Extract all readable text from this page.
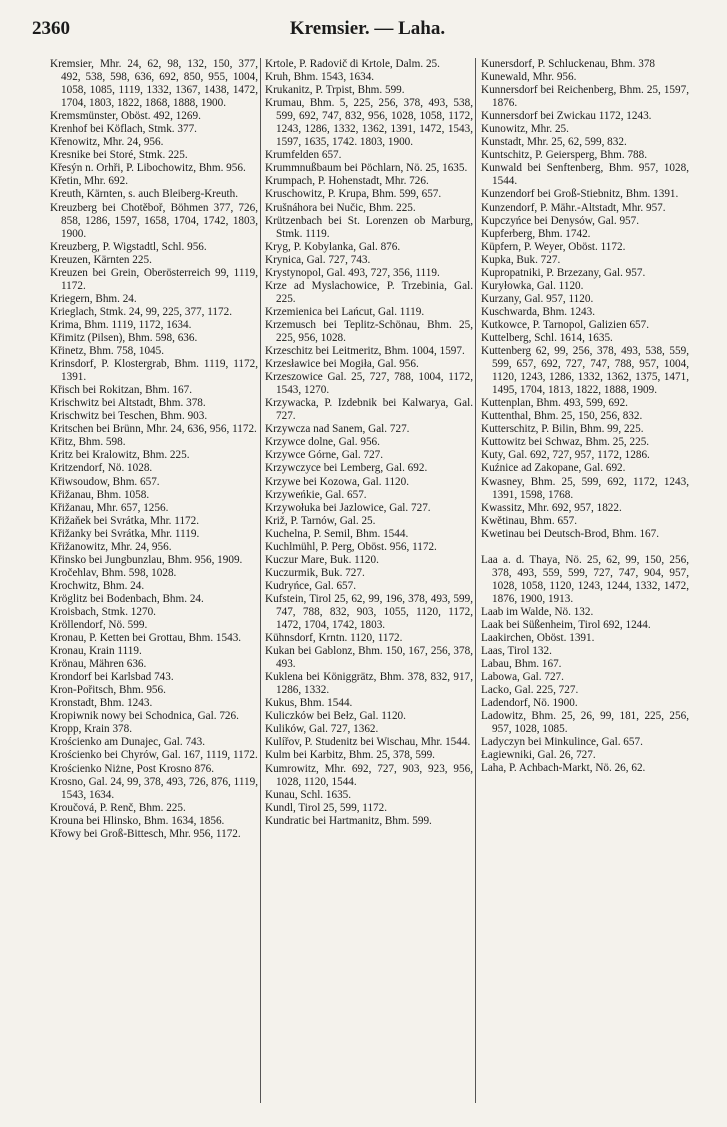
2360	Kremsier. — Laha.
Kremsier, Mhr. 24, 62, 98, 132, 150, 377, 492, 538, 598, 636, 692, 850, 955, 1004, 1058, 1085, 1119, 1332, 1367, 1438, 1472, 1704, 1803, 1822, 1868, 1888, 1900.
Kremsmünster, Oböst. 492, 1269.
Krenhof bei Köflach, Stmk. 377.
Křenowitz, Mhr. 24, 956.
Kresnike bei Storé, Stmk. 225.
Křesýn n. Orhři, P. Libochowitz, Bhm. 956.
Křetin, Mhr. 692.
Kreuth, Kärnten, s. auch Bleiberg-Kreuth.
Kreuzberg bei Chotěboř, Böhmen 377, 726, 858, 1286, 1597, 1658, 1704, 1742, 1803, 1900.
Kreuzberg, P. Wigstadtl, Schl. 956.
Kreuzen, Kärnten 225.
Kreuzen bei Grein, Oberösterreich 99, 1119, 1172.
Kriegern, Bhm. 24.
Krieglach, Stmk. 24, 99, 225, 377, 1172.
Krima, Bhm. 1119, 1172, 1634.
Křimitz (Pilsen), Bhm. 598, 636.
Křinetz, Bhm. 758, 1045.
Krinsdorf, P. Klostergrab, Bhm. 1119, 1172, 1391.
Křisch bei Rokitzan, Bhm. 167.
Krischwitz bei Altstadt, Bhm. 378.
Krischwitz bei Teschen, Bhm. 903.
Kritschen bei Brünn, Mhr. 24, 636, 956, 1172.
Křitz, Bhm. 598.
Kritz bei Kralowitz, Bhm. 225.
Kritzendorf, Nö. 1028.
Křiwsoudow, Bhm. 657.
Křižanau, Bhm. 1058.
Křižanau, Mhr. 657, 1256.
Křižaňek bei Svrátka, Mhr. 1172.
Křižanky bei Svrátka, Mhr. 1119.
Křižanowitz, Mhr. 24, 956.
Křinsko bei Jungbunzlau, Bhm. 956, 1909.
Kročehlav, Bhm. 598, 1028.
Krochwitz, Bhm. 24.
Kröglitz bei Bodenbach, Bhm. 24.
Kroisbach, Stmk. 1270.
Kröllendorf, Nö. 599.
Kronau, P. Ketten bei Grottau, Bhm. 1543.
Kronau, Krain 1119.
Krönau, Mähren 636.
Krondorf bei Karlsbad 743.
Kron-Pořitsch, Bhm. 956.
Kronstadt, Bhm. 1243.
Kropiwnik nowy bei Schodnica, Gal. 726.
Kropp, Krain 378.
Krościenko am Dunajec, Gal. 743.
Krościenko bei Chyrów, Gal. 167, 1119, 1172.
Krościenko Niżne, Post Krosno 876.
Krosno, Gal. 24, 99, 378, 493, 726, 876, 1119, 1543, 1634.
Kroučová, P. Renč, Bhm. 225.
Krouna bei Hlinsko, Bhm. 1634, 1856.
Křowy bei Groß-Bittesch, Mhr. 956, 1172.
Krtole, P. Radovič di Krtole, Dalm. 25.
Kruh, Bhm. 1543, 1634.
Krukanitz, P. Trpist, Bhm. 599.
Krumau, Bhm. 5, 225, 256, 378, 493, 538, 599, 692, 747, 832, 956, 1028, 1058, 1172, 1243, 1286, 1332, 1362, 1391, 1472, 1543, 1597, 1635, 1742. 1803, 1900.
Krumfelden 657.
Krummnußbaum bei Pöchlarn, Nö. 25, 1635.
Krumpach, P. Hohenstadt, Mhr. 726.
Kruschowitz, P. Krupa, Bhm. 599, 657.
Krušnáhora bei Nučic, Bhm. 225.
Krützenbach bei St. Lorenzen ob Marburg, Stmk. 1119.
Kryg, P. Kobylanka, Gal. 876.
Krynica, Gal. 727, 743.
Krystynopol, Gal. 493, 727, 356, 1119.
Krze ad Myslachowice, P. Trzebinia, Gal. 225.
Krzemienica bei Lańcut, Gal. 1119.
Krzemusch bei Teplitz-Schönau, Bhm. 25, 225, 956, 1028.
Krzeschitz bei Leitmeritz, Bhm. 1004, 1597.
Krzesławice bei Mogiła, Gal. 956.
Krzeszowice Gal. 25, 727, 788, 1004, 1172, 1543, 1270.
Krzywacka, P. Izdebnik bei Kalwarya, Gal. 727.
Krzywcza nad Sanem, Gal. 727.
Krzywce dolne, Gal. 956.
Krzywce Górne, Gal. 727.
Krzywczyce bei Lemberg, Gal. 692.
Krzywe bei Kozowa, Gal. 1120.
Krzyweńkie, Gal. 657.
Krzywołuka bei Jazlowice, Gal. 727.
Križ, P. Tarnów, Gal. 25.
Kuchelna, P. Semil, Bhm. 1544.
Kuchlmühl, P. Perg, Oböst. 956, 1172.
Kuczur Mare, Buk. 1120.
Kuczurmik, Buk. 727.
Kudryńce, Gal. 657.
Kufstein, Tirol 25, 62, 99, 196, 378, 493, 599, 747, 788, 832, 903, 1055, 1120, 1172, 1472, 1704, 1742, 1803.
Kühnsdorf, Krntn. 1120, 1172.
Kukan bei Gablonz, Bhm. 150, 167, 256, 378, 493.
Kuklena bei Königgrätz, Bhm. 378, 832, 917, 1286, 1332.
Kukus, Bhm. 1544.
Kuliczków bei Bełz, Gal. 1120.
Kulików, Gal. 727, 1362.
Kulířov, P. Studenitz bei Wischau, Mhr. 1544.
Kulm bei Karbitz, Bhm. 25, 378, 599.
Kumrowitz, Mhr. 692, 727, 903, 923, 956, 1028, 1120, 1544.
Kunau, Schl. 1635.
Kundl, Tirol 25, 599, 1172.
Kundratic bei Hartmanitz, Bhm. 599.
Kunersdorf, P. Schluckenau, Bhm. 378
Kunewald, Mhr. 956.
Kunnersdorf bei Reichenberg, Bhm. 25, 1597, 1876.
Kunnersdorf bei Zwickau 1172, 1243.
Kunowitz, Mhr. 25.
Kunstadt, Mhr. 25, 62, 599, 832.
Kuntschitz, P. Geiersperg, Bhm. 788.
Kunwald bei Senftenberg, Bhm. 957, 1028, 1544.
Kunzendorf bei Groß-Stiebnitz, Bhm. 1391.
Kunzendorf, P. Mähr.-Altstadt, Mhr. 957.
Kupczyńce bei Denysów, Gal. 957.
Kupferberg, Bhm. 1742.
Küpfern, P. Weyer, Oböst. 1172.
Kupka, Buk. 727.
Kupropatniki, P. Brzezany, Gal. 957.
Kuryłowka, Gal. 1120.
Kurzany, Gal. 957, 1120.
Kuschwarda, Bhm. 1243.
Kutkowce, P. Tarnopol, Galizien 657.
Kuttelberg, Schl. 1614, 1635.
Kuttenberg 62, 99, 256, 378, 493, 538, 559, 599, 657, 692, 727, 747, 788, 957, 1004, 1120, 1243, 1286, 1332, 1362, 1375, 1471, 1495, 1704, 1813, 1822, 1888, 1909.
Kuttenplan, Bhm. 493, 599, 692.
Kuttenthal, Bhm. 25, 150, 256, 832.
Kutterschitz, P. Bilin, Bhm. 99, 225.
Kuttowitz bei Schwaz, Bhm. 25, 225.
Kuty, Gal. 692, 727, 957, 1172, 1286.
Kuźnice ad Zakopane, Gal. 692.
Kwasney, Bhm. 25, 599, 692, 1172, 1243, 1391, 1598, 1768.
Kwassitz, Mhr. 692, 957, 1822.
Kwětinau, Bhm. 657.
Kwetinau bei Deutsch-Brod, Bhm. 167.
Laa a. d. Thaya, Nö. 25, 62, 99, 150, 256, 378, 493, 559, 599, 727, 747, 904, 957, 1028, 1058, 1120, 1243, 1244, 1332, 1472, 1876, 1900, 1913.
Laab im Walde, Nö. 132.
Laak bei Süßenheim, Tirol 692, 1244.
Laakirchen, Oböst. 1391.
Laas, Tirol 132.
Labau, Bhm. 167.
Labowa, Gal. 727.
Lacko, Gal. 225, 727.
Ladendorf, Nö. 1900.
Ladowitz, Bhm. 25, 26, 99, 181, 225, 256, 957, 1028, 1085.
Ladyczyn bei Minkulince, Gal. 657.
Łagiewniki, Gal. 26, 727.
Laha, P. Achbach-Markt, Nö. 26, 62.
